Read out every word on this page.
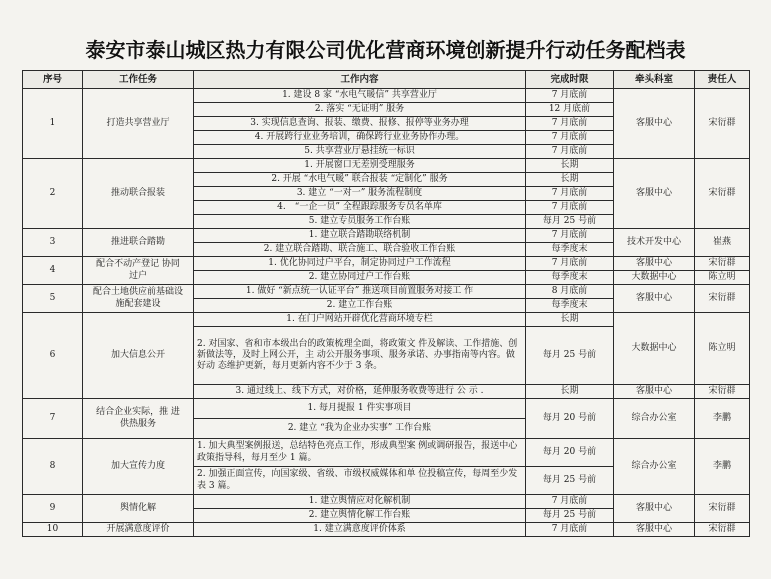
泰安市泰山城区热力有限公司优化营商环境创新提升行动任务配档表
序号	工作任务	工作内容	完成时限	牵头科室	责任人
1	打造共享营业厅	1. 建设 8 家 “水电气暖信” 共享营业厅	7 月底前	客服中心	宋衍群
		2. 落实 “无证明” 服务	12 月底前		
		3. 实现信息查询、报装、缴费、报修、报停等业务办理	7 月底前		
		4. 开展跨行业业务培训，确保跨行业业务协作办理。	7 月底前		
		5. 共享营业厅悬挂统一标识	7 月底前		
2	推动联合报装	1. 开展窗口无差别受理服务	长期	客服中心	宋衍群
		2. 开展 “水电气暖” 联合报装 “定制化” 服务	长期		
		3. 建立 “一对一” 服务流程制度	7 月底前		
		4.　“一企一员” 全程跟踪服务专员名单库	7 月底前		
		5. 建立专员服务工作台账	每月 25 号前		
3	推进联合踏勘	1. 建立联合踏勘联络机制	7 月底前	技术开发中心	崔燕
		2. 建立联合踏勘、联合施工、联合验收工作台账	每季度末		
4	配合不动产登记 协同过户	1. 优化协同过户平台，制定协同过户工作流程	7 月底前	客服中心	宋衍群
		2. 建立协同过户工作台账	每季度末	大数据中心	陈立明
5	配合土地供应前基础设施配套建设	1. 做好 “新点统一认证平台” 推送项目前置服务对接工 作	8 月底前	客服中心	宋衍群
		2. 建立工作台账	每季度末		
6	加大信息公开	1. 在门户网站开辟优化营商环境专栏	长期	大数据中心	陈立明
		2. 对国家、省和市本级出台的政策梳理全面，将政策文 件及解读、工作措施、创新做法等，及时上网公开，主 动公开服务事项、服务承诺、办事指南等内容。做好动 态维护更新，每月更新内容不少于 3 条。	每月 25 号前		
		3. 通过线上、线下方式，对价格，延伸服务收费等进行 公 示 .	长期	客服中心	宋衍群
7	结合企业实际，推 进供热服务	1. 每月提报 1 件实事项目	每月 20 号前	综合办公室	李鹏
		2. 建立 “我为企业办实事” 工作台账			
8	加大宣传力度	1. 加大典型案例报送，总结特色亮点工作，形成典型案 例或调研报告，报送中心政策指导科，每月至少 1 篇。	每月 20 号前	综合办公室	李鹏
		2. 加强正面宣传，向国家级、省级、市级权威媒体和单 位投稿宣传，每周至少发表 3 篇。	每月 25 号前		
9	舆情化解	1. 建立舆情应对化解机制	7 月底前	客服中心	宋衍群
		2. 建立舆情化解工作台账	每月 25 号前		
10	开展满意度评价	1. 建立满意度评价体系	7 月底前	客服中心	宋衍群
